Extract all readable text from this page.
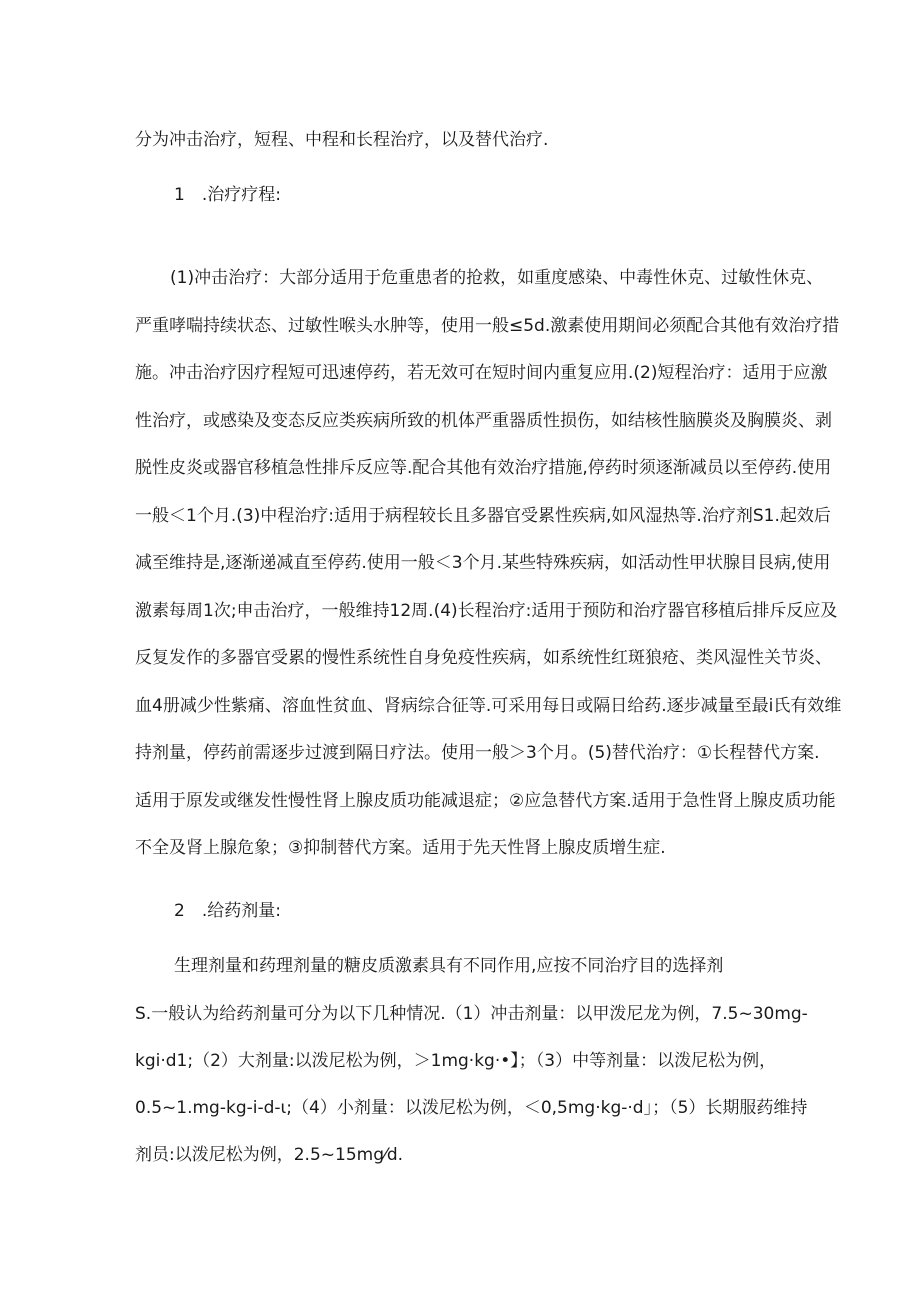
分为冲击治疗，短程、中程和长程治疗，以及替代治疗.
1　.治疗疗程:
(1)冲击治疗：大部分适用于危重患者的抢救，如重度感染、中毒性休克、过敏性休克、
严重哮喘持续状态、过敏性喉头水肿等，使用一般≤5d.激素使用期间必须配合其他有效治疗措
施。冲击治疗因疗程短可迅速停药，若无效可在短时间内重复应用.(2)短程治疗：适用于应激
性治疗，或感染及变态反应类疾病所致的机体严重器质性损伤，如结核性脑膜炎及胸膜炎、剥
脱性皮炎或器官移植急性排斥反应等.配合其他有效治疗措施,停药时须逐渐减员以至停药.使用
一般＜1个月.(3)中程治疗:适用于病程较长且多器官受累性疾病,如风湿热等.治疗剂S1.起效后
减至维持是,逐渐递减直至停药.使用一般＜3个月.某些特殊疾病，如活动性甲状腺目艮病,使用
激素每周1次;申击治疗，一般维持12周.(4)长程治疗:适用于预防和治疗器官移植后排斥反应及
反复发作的多器官受累的慢性系统性自身免疫性疾病，如系统性红斑狼疮、类风湿性关节炎、
血4册减少性紫痛、溶血性贫血、肾病综合征等.可采用每日或隔日给药.逐步减量至最i氏有效维
持剂量，停药前需逐步过渡到隔日疗法。使用一般＞3个月。(5)替代治疗：①长程替代方案.
适用于原发或继发性慢性肾上腺皮质功能减退症；②应急替代方案.适用于急性肾上腺皮质功能
不全及肾上腺危象；③抑制替代方案。适用于先天性肾上腺皮质增生症.
2　.给药剂量:
生理剂量和药理剂量的糖皮质激素具有不同作用,应按不同治疗目的选择剂
S.一般认为给药剂量可分为以下几种情况.（1）冲击剂量：以甲泼尼龙为例，7.5~30mg-
kgi·d1;（2）大剂量:以泼尼松为例，＞1mg·kg·•】；（3）中等剂量：以泼尼松为例，
0.5~1.mg-kg-i-d-ι;（4）小剂量：以泼尼松为例，＜0,5mg·kg-·d」；（5）长期服药维持
剂员:以泼尼松为例，2.5~15mg⁄d.
